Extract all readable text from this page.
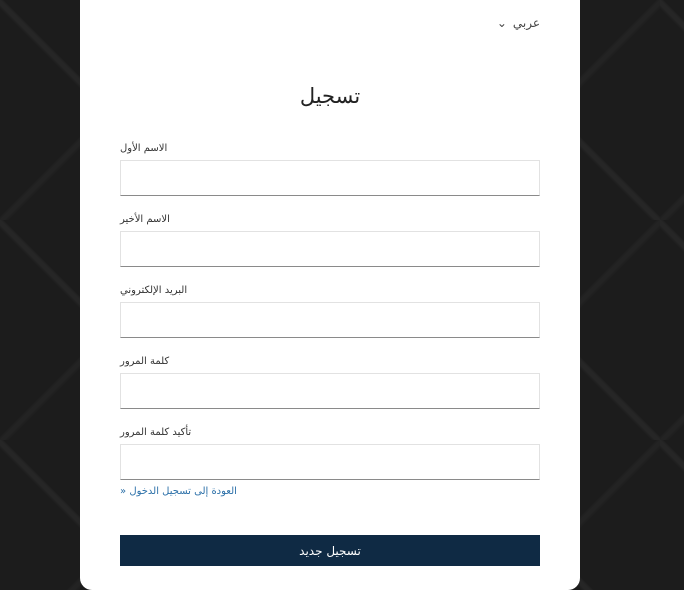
⌄ عربي
تسجيل
الاسم الأول
الاسم الأخير
البريد الإلكتروني
كلمة المرور
تأكيد كلمة المرور
» العودة إلى تسجيل الدخول
تسجيل جديد
